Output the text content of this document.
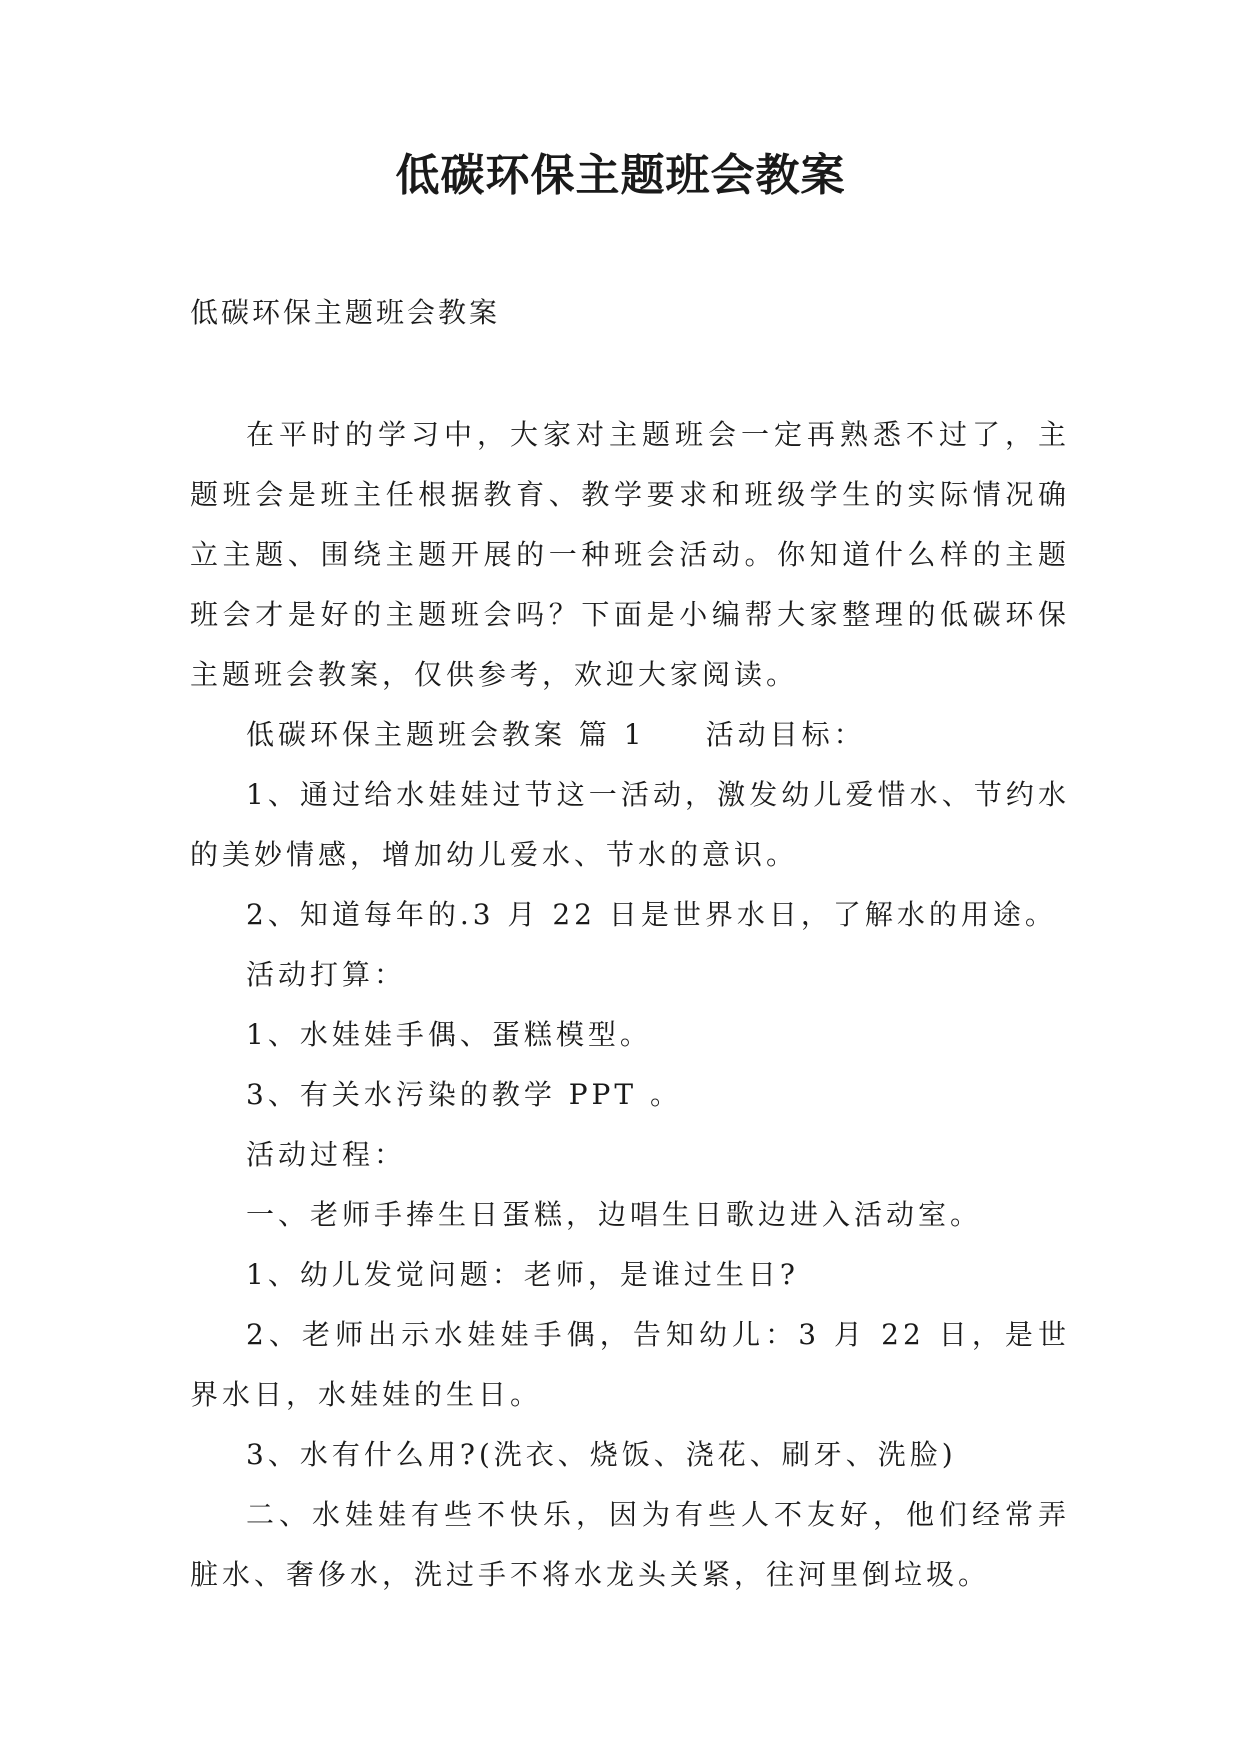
低碳环保主题班会教案
低碳环保主题班会教案

在平时的学习中，大家对主题班会一定再熟悉不过了，主题班会是班主任根据教育、教学要求和班级学生的实际情况确立主题、围绕主题开展的一种班会活动。你知道什么样的主题班会才是好的主题班会吗？下面是小编帮大家整理的低碳环保主题班会教案，仅供参考，欢迎大家阅读。

低碳环保主题班会教案 篇 1 活动目标：

1、通过给水娃娃过节这一活动，激发幼儿爱惜水、节约水的美妙情感，增加幼儿爱水、节水的意识。

2、知道每年的.3 月 22 日是世界水日，了解水的用途。

活动打算：

1、水娃娃手偶、蛋糕模型。

3、有关水污染的教学 PPT 。

活动过程：

一、老师手捧生日蛋糕，边唱生日歌边进入活动室。

1、幼儿发觉问题：老师，是谁过生日?

2、老师出示水娃娃手偶，告知幼儿：3 月 22 日，是世界水日，水娃娃的生日。

3、水有什么用?(洗衣、烧饭、浇花、刷牙、洗脸)

二、水娃娃有些不快乐，因为有些人不友好，他们经常弄脏水、奢侈水，洗过手不将水龙头关紧，往河里倒垃圾。
